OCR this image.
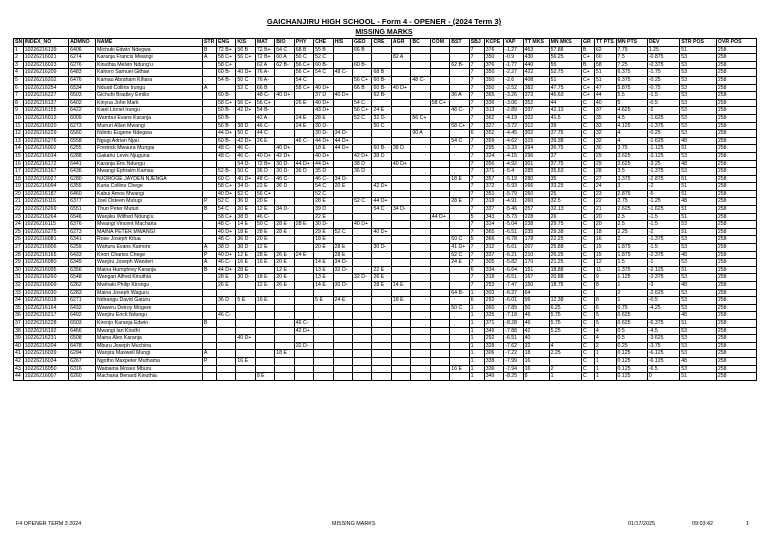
GAICHANJIRU HIGH SCHOOL - Form 4 - OPENER - (2024 Term 3)
MISSING MARKS
SN	INDEX_NO	ADMNO	NAME	STR	ENG	KIS	MAT	BIO	PHY	CHE	HIS	GEO	CRE	AGR	BC	COM	BST	SBJ	KCPE	VAP	TT MKS	MN MKS	GR	TT PTS	MN PTS	DEV	STR POS	OVR POS
1	10226216139	6406	Michuki Edwin Ndegwa	B	72 B+	56 B	72 B+	54 C	68 B	55 B		66 B						7	376	-1.27	463	57.88	B	62	7.75	1.25	51	258
2	10226216021	6274	Karanja Francis Mwangi	A	58 C+	56 C+	72 B+	60 A	50 C	52 C				82 A				7	350	-0.9	430	56.25	C+	60	7.5	-0.875	53	258
3	10226216023	6276	Kinuthia Melvin Ndung'u		58 C+		62 A	62 B-	56 C+	60 B-		60 B-					62 B-	7	376	-1.77	440	55	B	58	7.25	-0.375	53	258
4	10226216209	6483	Kahoro Samuel Githae		60 B-	40 D+	76 A-		56 C+	54 C	48 C-		68 B					7	350	-2.27	422	52.75	C+	51	6.375	-1.75	53	258
5	10226216202	6476	Kamau Abraham Kihara		54 B-	50 C	76 A-		54 C			56 C+	60 B-		48 C-			7	350	-2.6	408	51	C+	51	6.375	-0.25	53	258
6	10226216254	6534	Nduati Collins Irungu	A		52 C	66 B		58 C+	40 D+		66 B	60 B-	40 D+				7	350	-2.52	382	47.75	C+	47	5.875	-0.75	53	258
7	10226216227	6503	Gichuhi Bradley Emilio		60 B-		48 C-	40 D+		37 D	40 D+		62 B-				36 A	7	365	-3.26	373	46.63	C+	44	5.5	-1.5	53	258
8	10226216137	6402	Kinyua John Mark		58 C+	56 C+	56 C+		26 E	40 D+		54 C				58 C+		7	336	-3.06	352	44	C	40	5	-0.5	53	258
9	10226216155	6422	Kiarii Lionel Irungu		50 B-	42 D+	54 B-			43 D+		56 C+	24 E				48 C-	7	313	-2.89	337	42.13	C	37	4.625	-2	53	258
10	10226216013	6009	Wambui Evans Karanja		60 B-		42 A		24 E	28 E		52 C	32 D-		56 C+			7	362	-4.19	332	41.5	C	35	4.5	-1.625	53	258
11	10226216020	6273	Muiruri Allan Mwangi		56 B	38 D	46 C-		24 E	30 D-			50 C				58 C+	7	327	-3.72	312	39	C	33	4.125	-1.375	53	258
12	10226216229	6560	Ndiritu Eugene Ndegwa		44 D+	50 C	44 C			30 D-	34 D-				90 A			6	352	-4.45	302	37.75	C	32	4	-0.25	53	258
13	10226216276	6558	Ngugi Adrian Njau		60 B-	42 D+	26 E		46 C-	44 D+	44 D+						54 C	7	359	-4.62	315	39.38	C	32	4	-1.625	48	258
14	10226216002	6255	Fredrick Mwaura Mungai		48 C-	46 C-		40 D+		18 E	44 D+		60 B-	38 D				7	295	-3.33	294	36.75	C	30	3.75	-1.125	51	258
15	10226216034	6288	Gakahu Levis Njuguna		48 C-	46 C-	40 D+	42 D+		40 D+		42 D+	38 D					7	324	-4.15	296	37	C	29	3.625	-3.125	53	258
16	10226216172	6441	Karanja Eric Ndungu			54 D-	72 B+	30 D-	44 D+	44 D+		38 D		40 D+				7	356	-4.92	301	37.75	C	29	3.625	-3.25	48	258
17	10226216167	6436	Mwangi Ephraim Kamau		52 B-	50 C	36 D	30 D-	36 D	35 D		36 D						7	371	-5.4	285	35.63	C	28	3.5	-1.375	53	258
18	10226216027	6280	NJOROGE JAYDEN NJENGA		60 C-	40 D+	48 C-	46 C-		46 C-	34 D-						18 E	7	357	-5.19	280	35	C	27	3.375	-2.875	51	258
19	10226216094	6355	Kuria Collins Chege		58 C+	34 D-	22 E	36 D		54 C	20 E		42 D+					7	372	-5.93	266	33.25	C	24	3	-2	51	258
20	10226216187	6460	Kabui Amos Mwangi		40 D+	52 C	56 C+			52 C								7	351	-5.79	260	25	C	23	2.875	-5	51	258
21	10226216116	6377	Joel Osteen Mutugi	P	52 C	36 D	20 E			28 E		52 C	44 D+				28 E	7	319	-4.91	260	32.5	C	22	2.75	-1.25	48	258
22	10226216269	6551	Thuo Peter Muturi	B	54 C	20 E	12 E	34 D-		39 D			54 C	34 D-				7	337	-5.46	257	32.13	C	21	2.625	-1.625	51	258
23	10226216264	6546	Wanjiku Wilfred Ndung'u		58 C+	38 D	46 C-			22 E						44 D+		5	343	-5.73	228	26	C	20	2.5	-1.5	51	258
24	10226216115	6376	Mwangi Vincent Macharia		48 C-	14 E	50 C	28 E	28 E	30 D-		40 D+						7	314	-5.04	238	29.75	C	20	2.5	-1.5	53	258
25	10226216275	6273	MAINA PETER MWANGI		40 D+	18 E	28 E	28 E		29 E	52 C		40 D+					7	365	-6.51	235	29.38	C	18	2.25	-2	51	258
26	10226216081	6341	Rose Joseph Kitua		48 C-	36 D	20 E			18 E							50 C	5	366	-6.78	178	22.25	C	16	2	-1.375	53	258
27	10226216006	6259	Wahura Evans Kamore	A	38 D	38 D	12 E			20 E	28 E		30 D-				41 D+	7	312	-5.61	207	25.88	C	15	1.875	-1.5	53	258
28	10226216165	6433	Kirori Charles Chege	P	40 D+	12 E	28 E	26 E	24 E		28 E						52 C	7	337	-6.21	210	26.25	C	15	1.875	-2.375	48	258
29	10226216080	6349	Wanjiru Joseph Wanderi	A	46 C-	16 E	16 E	20 E		14 E	34 D-						24 E	7	305	-5.82	170	21.25	C	12	1.5	-1	53	258
30	10226216095	6356	Maina Humphrey Karanja	B	44 D+	28 E		12 E		13 E	32 D-		22 E					6	334	-6.64	151	18.88	C	11	1.375	-2.125	51	258
31	10226216260	6548	Wangari Alfred Kinuthia		28 E	30 D-	18 E	20 E		13 E		32 D-	26 E					7	318	-6.51	167	20.88	C	9	1.125	-2.375	53	258
32	10226216009	6262	Mwihaki Philip Kirungu		26 E		12 E	26 E		14 E	30 D-		28 E	14 E				7	253	-7.47	150	18.75	C	8	1	-3	48	258
33	10226216030	6283	Maina Joseph Waguru														64 B-	1	303	-6.27	64		C		2	-2.625	53	258
34	10226216018	6271	Ndirangu David Gaturu		36 D	5 E	16 E			5 E	24 E			18 E				6	292	-6.01	99	12.38	C	8	1	-0.5	53	258
35	10226216164	6432	Waweru Delroy Mogere														50 C	1	360	-7.89	50	6.25	C	6	0.75	-4.25	53	258
36	10226216217	6492	Wanjiru Erick Ndungu		46 C-													1	325	-7.18	46	5.75	C	5	0.625		48	258
37	10226216228	6503	Kironjo Karanja Edwin	B					46 C-									1	371	-8.28	46	5.75	C	5	0.625	-6.375	51	258
38	10226216192	6466	Mwangi Ian Kiruthi						42 D+									1	349	-7.88	42	5.25	C	4	0.5	-4.5	53	258
39	10226216231	6508	Maina Alex Karanja			40 D+												1	292	-6.51	40		C	4	0.5	-3.625	53	258
40	10226216204	6478	Mburu Joseph Muchina						32 D-									1	328	-7.62	32	4	C	2	0.25	-3.75	53	258
41	10226216039	6294	Wanjira Maxwell Mungi	A				18 E										1	306	-7.22	18	2.25	C	1	0.125	-6.125	53	258
42	10226216034	6267	Ngotho Maxpeter Muthama	P		16 E												1	338	-7.99	16		C	1	0.125	-6.125	48	258
43	10226216050	6316	Wainaina Moses Mburu														16 E	1	336	-7.94	16	2	C	1	0.125	-6.5	53	258
44	10226216007	6260	Macharia Benard Kinuthia				8 E											1	349	-8.25	8	1	C	1	0.125	0	51	258
F4 OPENER TERM 3 2024	MISSING MARKS	01/17/2025	09:03:42	1
